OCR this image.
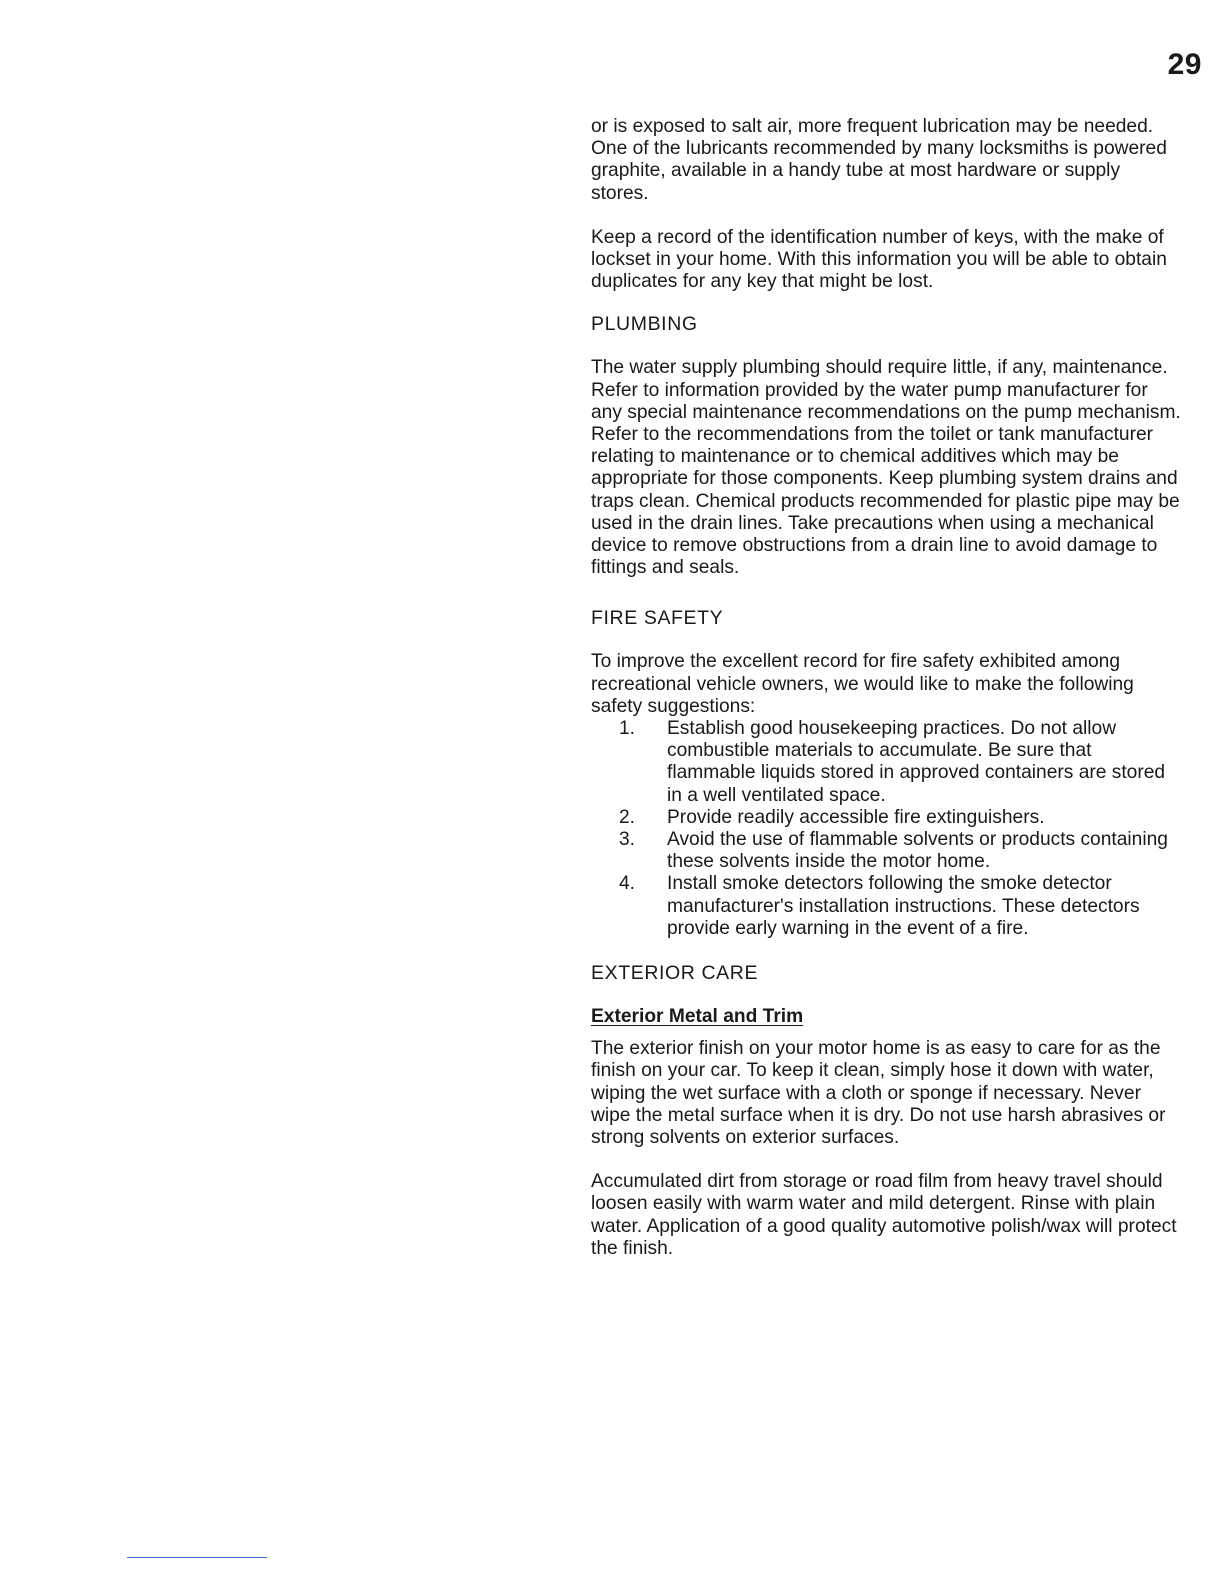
29

or is exposed to salt air, more frequent lubrication may be needed. One of the lubricants recommended by many locksmiths is powered graphite, available in a handy tube at most hardware or supply stores.

Keep a record of the identification number of keys, with the make of lockset in your home. With this information you will be able to obtain duplicates for any key that might be lost.

PLUMBING

The water supply plumbing should require little, if any, maintenance. Refer to information provided by the water pump manufacturer for any special maintenance recommendations on the pump mechanism. Refer to the recommendations from the toilet or tank manufacturer relating to maintenance or to chemical additives which may be appropriate for those components. Keep plumbing system drains and traps clean. Chemical products recommended for plastic pipe may be used in the drain lines. Take precautions when using a mechanical device to remove obstructions from a drain line to avoid damage to fittings and seals.

FIRE SAFETY

To improve the excellent record for fire safety exhibited among recreational vehicle owners, we would like to make the following safety suggestions:

1.	Establish good housekeeping practices. Do not allow combustible materials to accumulate. Be sure that flammable liquids stored in approved containers are stored in a well ventilated space.
2.	Provide readily accessible fire extinguishers.
3.	Avoid the use of flammable solvents or products containing these solvents inside the motor home.
4.	Install smoke detectors following the smoke detector manufacturer's installation instructions. These detectors provide early warning in the event of a fire.
EXTERIOR CARE
Exterior Metal and Trim

The exterior finish on your motor home is as easy to care for as the finish on your car. To keep it clean, simply hose it down with water, wiping the wet surface with a cloth or sponge if necessary. Never wipe the metal surface when it is dry. Do not use harsh abrasives or strong solvents on exterior surfaces.

Accumulated dirt from storage or road film from heavy travel should loosen easily with warm water and mild detergent. Rinse with plain water. Application of a good quality automotive polish/wax will protect the finish.
